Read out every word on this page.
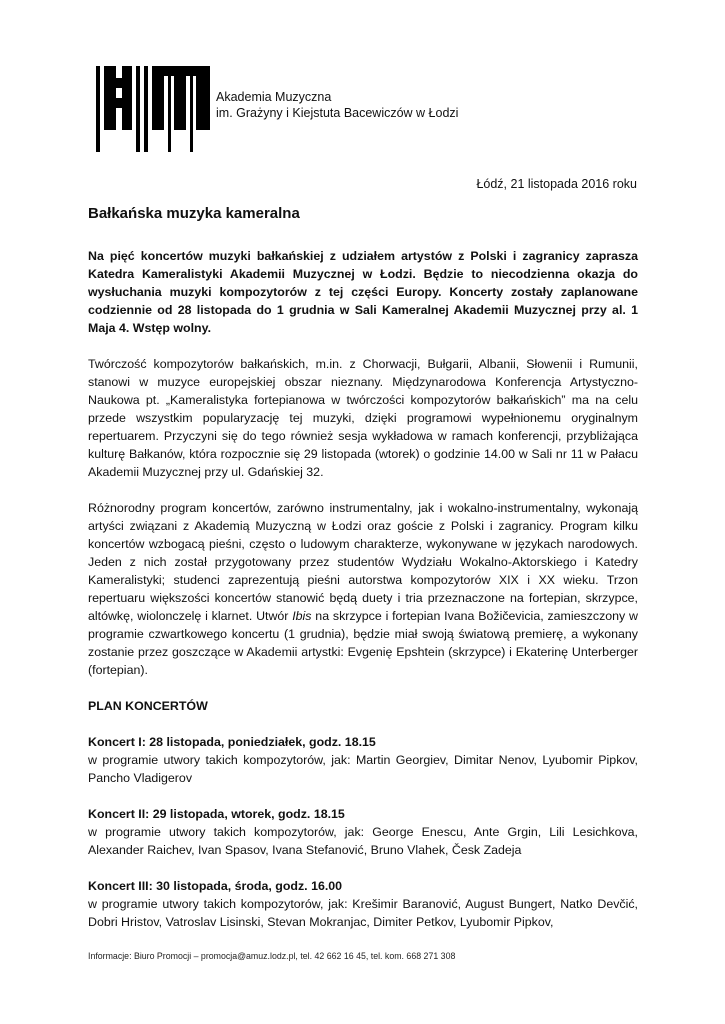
Akademia Muzyczna
im. Grażyny i Kiejstuta Bacewiczów w Łodzi
Łódź, 21 listopada 2016 roku
Bałkańska muzyka kameralna

Na pięć koncertów muzyki bałkańskiej z udziałem artystów z Polski i zagranicy zaprasza Katedra Kameralistyki Akademii Muzycznej w Łodzi. Będzie to niecodzienna okazja do wysłuchania muzyki kompozytorów z tej części Europy. Koncerty zostały zaplanowane codziennie od 28 listopada do 1 grudnia w Sali Kameralnej Akademii Muzycznej przy al. 1 Maja 4. Wstęp wolny.

Twórczość kompozytorów bałkańskich, m.in. z Chorwacji, Bułgarii, Albanii, Słowenii i Rumunii, stanowi w muzyce europejskiej obszar nieznany. Międzynarodowa Konferencja Artystyczno-Naukowa pt. „Kameralistyka fortepianowa w twórczości kompozytorów bałkańskich” ma na celu przede wszystkim popularyzację tej muzyki, dzięki programowi wypełnionemu oryginalnym repertuarem. Przyczyni się do tego również sesja wykładowa w ramach konferencji, przybliżająca kulturę Bałkanów, która rozpocznie się 29 listopada (wtorek) o godzinie 14.00 w Sali nr 11 w Pałacu Akademii Muzycznej przy ul. Gdańskiej 32.

Różnorodny program koncertów, zarówno instrumentalny, jak i wokalno-instrumentalny, wykonają artyści związani z Akademią Muzyczną w Łodzi oraz goście z Polski i zagranicy. Program kilku koncertów wzbogacą pieśni, często o ludowym charakterze, wykonywane w językach narodowych. Jeden z nich został przygotowany przez studentów Wydziału Wokalno-Aktorskiego i Katedry Kameralistyki; studenci zaprezentują pieśni autorstwa kompozytorów XIX i XX wieku. Trzon repertuaru większości koncertów stanowić będą duety i tria przeznaczone na fortepian, skrzypce, altówkę, wiolonczelę i klarnet. Utwór Ibis na skrzypce i fortepian Ivana Božičevicia, zamieszczony w programie czwartkowego koncertu (1 grudnia), będzie miał swoją światową premierę, a wykonany zostanie przez goszczące w Akademii artystki: Evgenię Epshtein (skrzypce) i Ekaterinę Unterberger (fortepian).

PLAN KONCERTÓW

Koncert I: 28 listopada, poniedziałek, godz. 18.15
w programie utwory takich kompozytorów, jak: Martin Georgiev, Dimitar Nenov, Lyubomir Pipkov, Pancho Vladigerov

Koncert II: 29 listopada, wtorek, godz. 18.15
w programie utwory takich kompozytorów, jak: George Enescu, Ante Grgin, Lili Lesichkova, Alexander Raichev, Ivan Spasov, Ivana Stefanović, Bruno Vlahek, Česk Zadeja

Koncert III: 30 listopada, środa, godz. 16.00
w programie utwory takich kompozytorów, jak: Krešimir Baranović, August Bungert, Natko Devčić, Dobri Hristov, Vatroslav Lisinski, Stevan Mokranjac, Dimiter Petkov, Lyubomir Pipkov,

Informacje: Biuro Promocji – promocja@amuz.lodz.pl, tel. 42 662 16 45, tel. kom. 668 271 308
